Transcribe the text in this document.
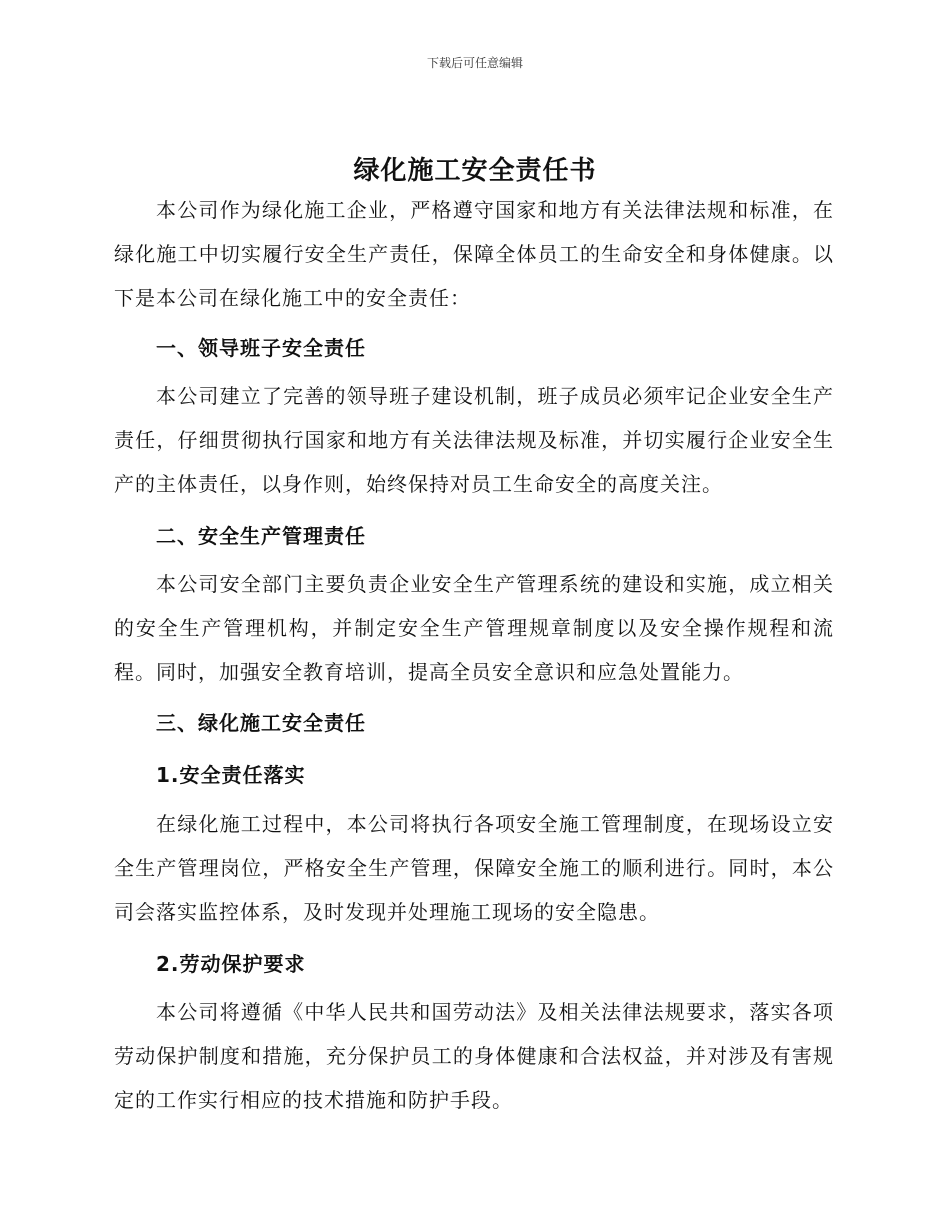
下载后可任意编辑
绿化施工安全责任书

本公司作为绿化施工企业，严格遵守国家和地方有关法律法规和标准，在绿化施工中切实履行安全生产责任，保障全体员工的生命安全和身体健康。以下是本公司在绿化施工中的安全责任：

一、领导班子安全责任

本公司建立了完善的领导班子建设机制，班子成员必须牢记企业安全生产责任，仔细贯彻执行国家和地方有关法律法规及标准，并切实履行企业安全生产的主体责任，以身作则，始终保持对员工生命安全的高度关注。

二、安全生产管理责任

本公司安全部门主要负责企业安全生产管理系统的建设和实施，成立相关的安全生产管理机构，并制定安全生产管理规章制度以及安全操作规程和流程。同时，加强安全教育培训，提高全员安全意识和应急处置能力。

三、绿化施工安全责任
1.安全责任落实

在绿化施工过程中，本公司将执行各项安全施工管理制度，在现场设立安全生产管理岗位，严格安全生产管理，保障安全施工的顺利进行。同时，本公司会落实监控体系，及时发现并处理施工现场的安全隐患。

2.劳动保护要求

本公司将遵循《中华人民共和国劳动法》及相关法律法规要求，落实各项劳动保护制度和措施，充分保护员工的身体健康和合法权益，并对涉及有害规定的工作实行相应的技术措施和防护手段。
